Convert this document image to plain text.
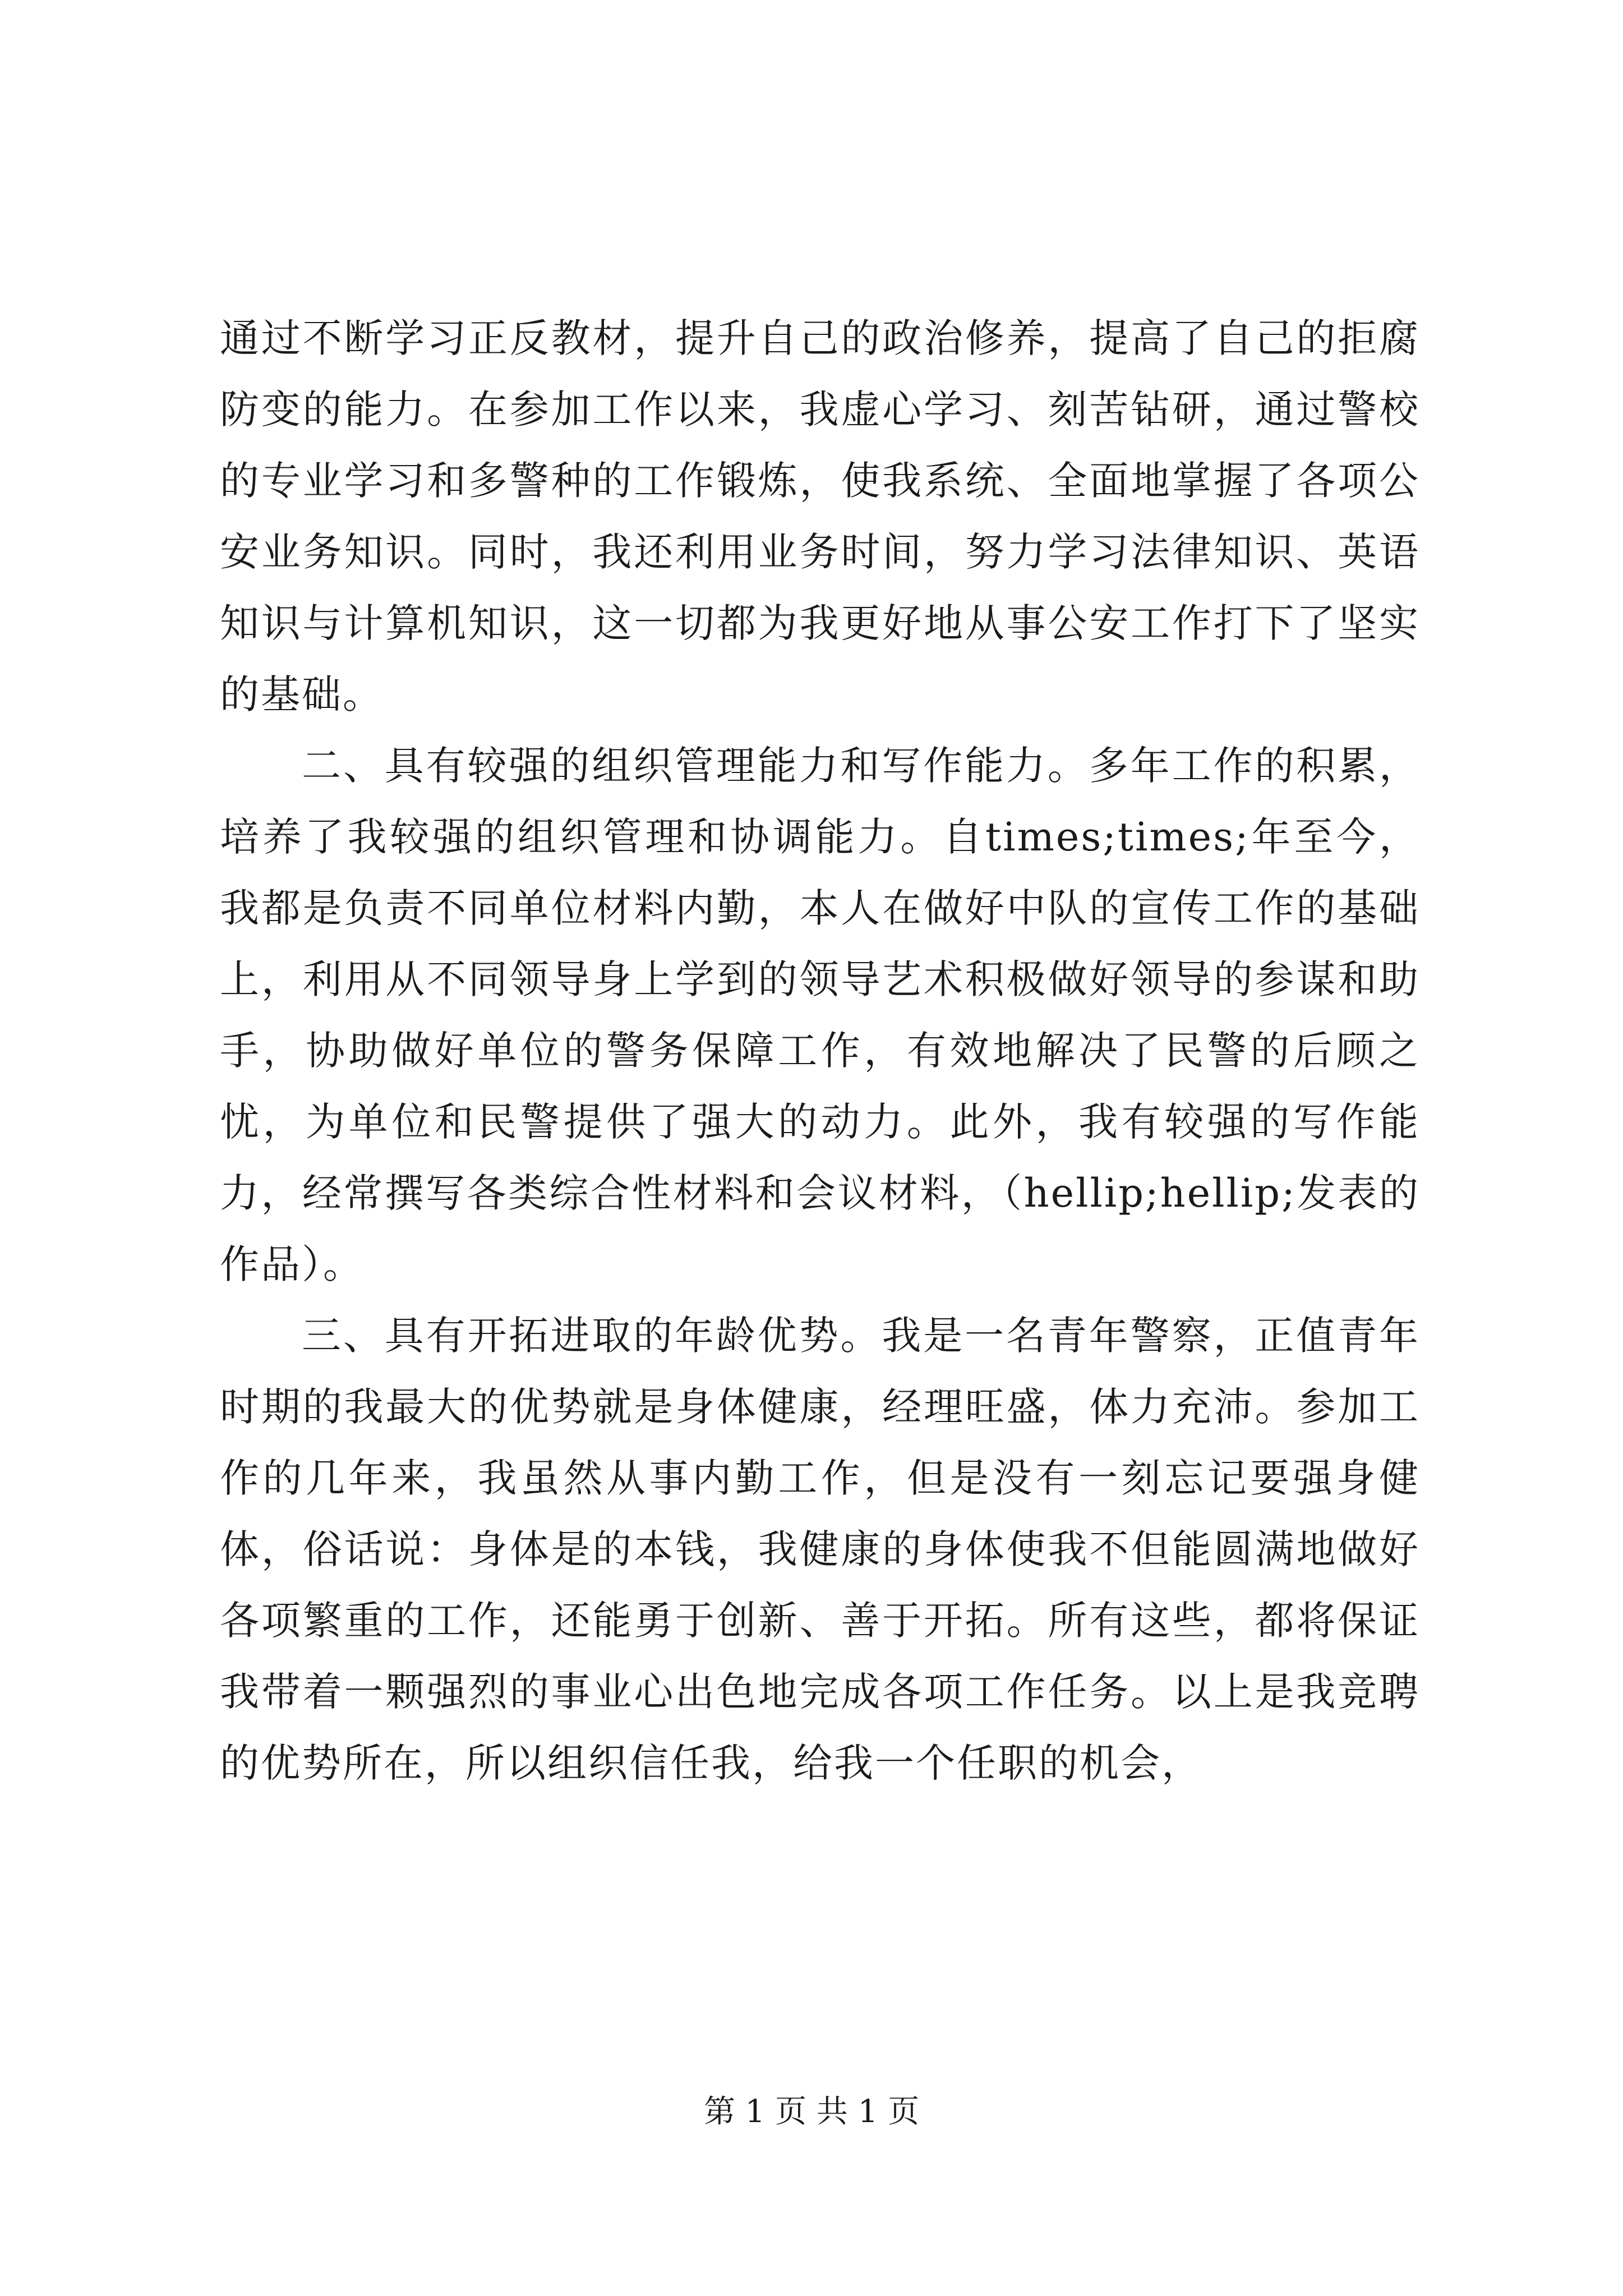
通过不断学习正反教材，提升自己的政治修养，提高了自己的拒腐防变的能力。在参加工作以来，我虚心学习、刻苦钻研，通过警校的专业学习和多警种的工作锻炼，使我系统、全面地掌握了各项公安业务知识。同时，我还利用业务时间，努力学习法律知识、英语知识与计算机知识，这一切都为我更好地从事公安工作打下了坚实的基础。

二、具有较强的组织管理能力和写作能力。多年工作的积累，培养了我较强的组织管理和协调能力。自times;times;年至今，我都是负责不同单位材料内勤，本人在做好中队的宣传工作的基础上，利用从不同领导身上学到的领导艺术积极做好领导的参谋和助手，协助做好单位的警务保障工作，有效地解决了民警的后顾之忧，为单位和民警提供了强大的动力。此外，我有较强的写作能力，经常撰写各类综合性材料和会议材料，（hellip;hellip;发表的作品）。

三、具有开拓进取的年龄优势。我是一名青年警察，正值青年时期的我最大的优势就是身体健康，经理旺盛，体力充沛。参加工作的几年来，我虽然从事内勤工作，但是没有一刻忘记要强身健体，俗话说：身体是的本钱，我健康的身体使我不但能圆满地做好各项繁重的工作，还能勇于创新、善于开拓。所有这些，都将保证我带着一颗强烈的事业心出色地完成各项工作任务。以上是我竞聘的优势所在，所以组织信任我，给我一个任职的机会，

第 1 页 共 1 页
